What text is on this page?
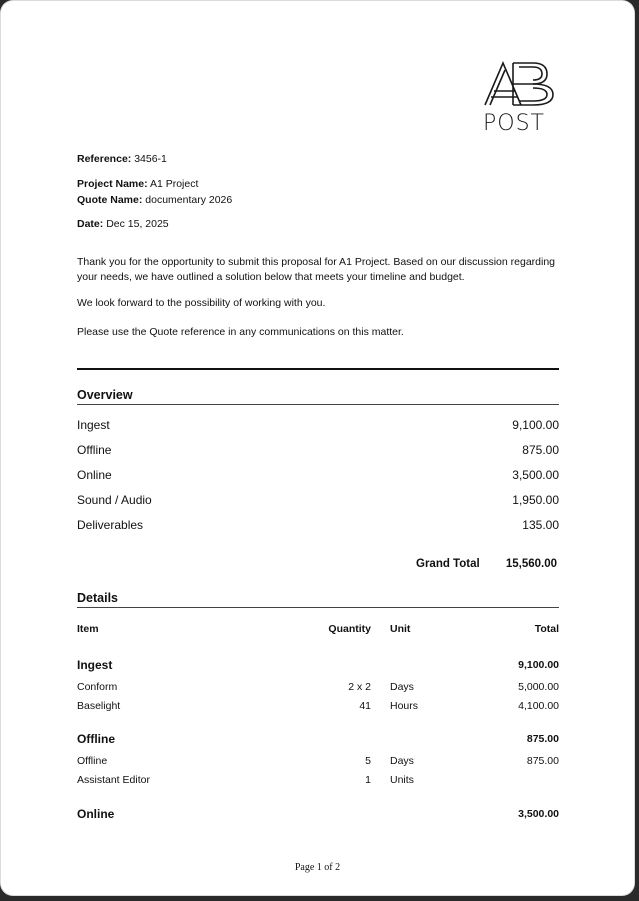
POST
Reference: 3456-1
Project Name: A1 Project
Quote Name: documentary 2026
Date: Dec 15, 2025
Thank you for the opportunity to submit this proposal for A1 Project. Based on our discussion regarding your needs, we have outlined a solution below that meets your timeline and budget.
We look forward to the possibility of working with you.
Please use the Quote reference in any communications on this matter.
Overview
Ingest	9,100.00
Offline	875.00
Online	3,500.00
Sound / Audio	1,950.00
Deliverables	135.00
Grand Total	15,560.00
Details
Item	Quantity Unit	Total
Ingest	9,100.00
Conform	2 x 2 Days	5,000.00
Baselight	41 Hours	4,100.00
Offline	875.00
Offline	5 Days	875.00
Assistant Editor	1 Units
Online	3,500.00
Page 1 of 2
